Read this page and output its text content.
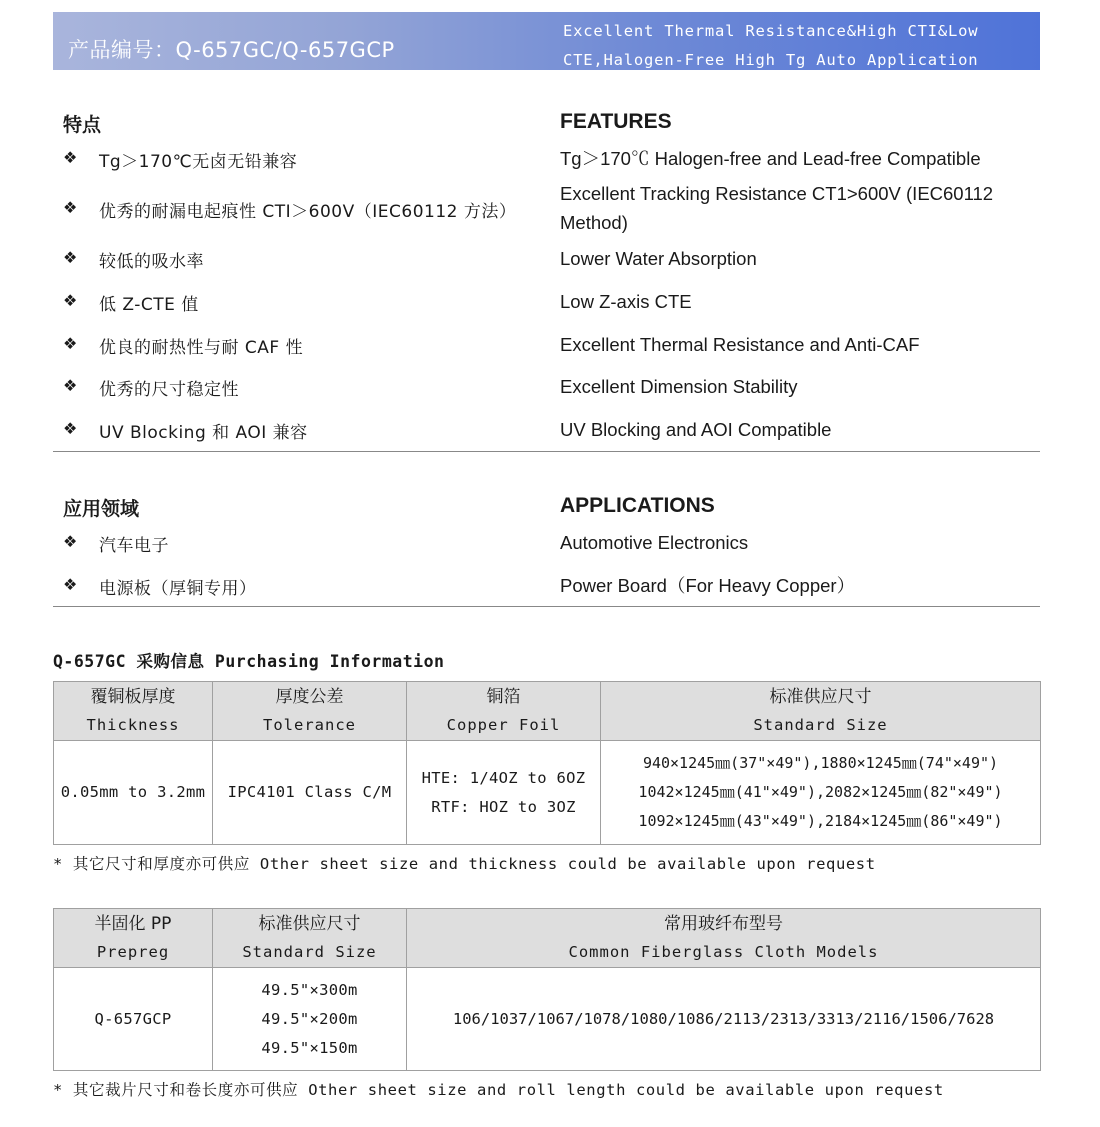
产品编号：Q-657GC/Q-657GCP
Excellent Thermal Resistance&High CTI&Low
CTE,Halogen-Free High Tg Auto Application
特点	FEATURES
❖ Tg＞170℃无卤无铅兼容	Tg＞170℃ Halogen-free and Lead-free Compatible
❖ 优秀的耐漏电起痕性 CTI＞600V（IEC60112 方法）
Excellent Tracking Resistance CT1>600V (IEC60112 Method)
❖ 较低的吸水率	Lower Water Absorption
❖ 低 Z-CTE 值	Low Z-axis CTE
❖ 优良的耐热性与耐 CAF 性	Excellent Thermal Resistance and Anti-CAF
❖ 优秀的尺寸稳定性	Excellent Dimension Stability
❖ UV Blocking 和 AOI 兼容	UV Blocking and AOI Compatible
应用领域	APPLICATIONS
❖ 汽车电子	Automotive Electronics
❖ 电源板（厚铜专用）	Power Board（For Heavy Copper）
Q-657GC 采购信息 Purchasing Information
覆铜板厚度
Thickness	厚度公差
Tolerance	铜箔
Copper Foil	标准供应尺寸
Standard Size

0.05mm to 3.2mm	IPC4101 Class C/M	HTE: 1/4OZ to 6OZ
RTF: HOZ to 3OZ	940×1245㎜(37"×49"),1880×1245㎜(74"×49")
1042×1245㎜(41"×49"),2082×1245㎜(82"×49")
1092×1245㎜(43"×49"),2184×1245㎜(86"×49")
* 其它尺寸和厚度亦可供应 Other sheet size and thickness could be available upon request
半固化 PP
Prepreg	标准供应尺寸
Standard Size	常用玻纤布型号
Common Fiberglass Cloth Models

Q-657GCP	49.5"×300m
49.5"×200m
49.5"×150m	106/1037/1067/1078/1080/1086/2113/2313/3313/2116/1506/7628
* 其它裁片尺寸和卷长度亦可供应 Other sheet size and roll length could be available upon request
